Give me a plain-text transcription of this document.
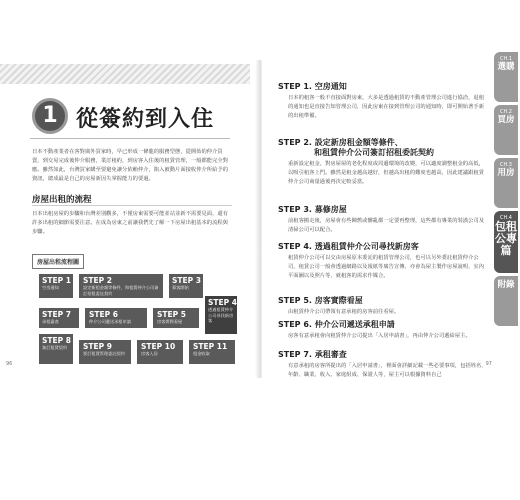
1 從簽約到入住

日本不動產業者在客對廣外買家時，早已形成一條龍的服務型態，從開始的仲介買賣，到交易完成後仲介服務，業訂租約，到房客入住後的租賃管理，一般都能完全對應。雖然如此，台灣買家購至要避免讓分依賴仲介，陷入被動片面接收仲介所給予的資訊，總成最是自己的房屋新因失掌握能力的要過。

房屋出租的流程

日本出租房屋的步驟和台灣差別觀多，不僅房東需要可能並站並新不需要見面，還有許多出租的細節需要注意。在成為房東之前讓我們先了解一下房屋出租基本的流程與步驟。

房屋出租流程圖
STEP 1
空房通知
STEP 2
設定新租金額等條件，和租賃仲介公司簽訂招租委託契約
STEP 3
募客開始
STEP 4
透過租賃仲介公司尋找新房客
STEP 5
房客實際看屋
STEP 6
仲介公司遞送承租申請
STEP 7
承租審查
STEP 8
簽訂租賃契約	STEP 9
要訂租賃管理委託契約
STEP 10
房客入居
STEP 11
租金收取
96
STEP 1. 空房通知
日本的租客一般不直接面對房東，大多是透過租賃的不動產管理公司進行協洽，退租的通知也是直接告知管理公司，因此房東在接到管理公司的通知時，即可開始著手新的出租準備。
STEP 2. 設定新房租金額等條件、
和租賃仲介公司簽訂招租委託契約
重新設定租金，對房屋屋的老化程度或周邊環境的改變，可以適度調整租金的高低，以吸引租客上門。雖然是租金越高越好，但越高出租的難度也越高，因此建議跟租賃仲介公司商量過後再決定較妥當。
STEP 3. 募修房屋
前租客搬走後，房屋會有些陳舊或髒亂都一定要再整理，這些都有專業的裝潢公司及清掃公司可以配合。
STEP 4. 透過租賃仲介公司尋找新房客
租賃仲介公司可以交由房屋原本委託的租賃管理公司，也可以另外委託租賃仲介公司，租賃公司一般會透過網路以及報紙等廣告宣傳，亦會為屋主製作房屋說明、室內平面圖以及照片等，就租客的需求作媒合。
STEP 5. 房客實際看屋
由租賃仲介公司帶領有意承租的房客前往看屋。
STEP 6. 仲介公司遞送承租申請
房客有意承租會向租賃仲介公司提出「入居申請書」，再由仲介公司遞給屋主。
STEP 7. 承租審查
有意承租的房客所提出的「入居申請書」，裡面會詳細記載一些必要事項，包括姓名、年齡、職業、收入、家庭組成、保證人等，屋主可以根據資料自己
97
CH.1
選購
CH.2
買房
CH.3
用房
CH.4
包租公專篇
附錄
